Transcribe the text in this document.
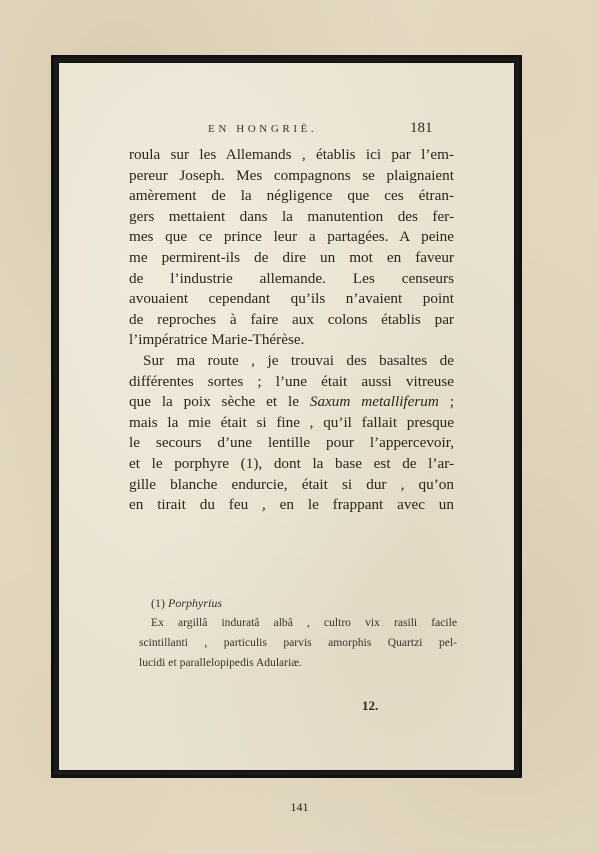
EN HONGRIÈ.	181
roula sur les Allemands , établis ici par l’em-
pereur Joseph. Mes compagnons se plaignaient
amèrement de la négligence que ces étran-
gers mettaient dans la manutention des fer-
mes que ce prince leur a partagées. A peine
me permirent-ils de dire un mot en faveur
de l’industrie allemande. Les censeurs
avouaient cependant qu’ils n’avaient point
de reproches à faire aux colons établis par
l’impératrice Marie-Thérèse.
Sur ma route , je trouvai des basaltes de
différentes sortes ; l’une était aussi vitreuse
que la poix sèche et le Saxum metalliferum ;
mais la mie était si fine , qu’il fallait presque
le secours d’une lentille pour l’appercevoir,
et le porphyre (1), dont la base est de l’ar-
gille blanche endurcie, était si dur , qu’on
en tirait du feu , en le frappant avec un
(1) Porphyrius
Ex argillâ induratâ albâ , cultro vix rasili facile
scintillanti , particulis parvis amorphis Quartzi pel-
lucidi et parallelopipedis Adulariæ.
12.
141
